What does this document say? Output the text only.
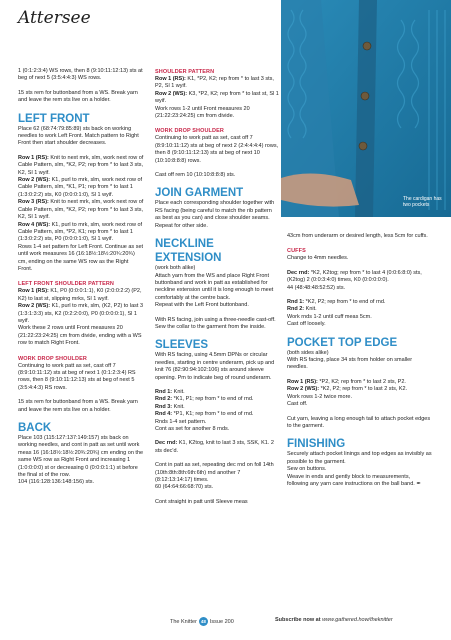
Attersee
The cardigan has two pockets

1 (0:1:2:3:4) WS rows, then 8 (9:10:11:12:13) sts at beg of next 5 (3:5:4:4:3) WS rows.

15 sts rem for buttonband from a WS. Break yarn and leave the rem sts live on a holder.

LEFT FRONT

Place 62 (68:74:79:85:89) sts back on working needles to work Left Front. Match pattern to Right Front then start shoulder decreases.

Row 1 (RS): Knit to next mrk, slm, work next row of Cable Pattern, slm, *K2, P2; rep from * to last 3 sts, K2, Sl 1 wyif.

Row 2 (WS): K1, purl to mrk, slm, work next row of Cable Pattern, slm, *K1, P1; rep from * to last 1 (1:3:0:2:2) sts, K0 (0:0:0:1:0), Sl 1 wyif.

Row 3 (RS): Knit to next mrk, slm, work next row of Cable Pattern, slm, *K2, P2; rep from * to last 3 sts, K2, Sl 1 wyif.

Row 4 (WS): K1, purl to mrk, slm, work next row of Cable Pattern, slm, *P2, K1; rep from * to last 1 (1:3:0:2:2) sts, P0 (0:0:0:1:0), Sl 1 wyif.

Rows 1-4 set pattern for Left Front. Continue as set until work measures 16 (16:18½:18½:20¾:20¾) cm, ending on the same WS row as the Right Front.

LEFT FRONT SHOULDER PATTERN

Row 1 (RS): K1, P0 (0:0:0:1:1), K0 (2:0:0:2:2) (P2, K2) to last st, slipping mrks, Sl 1 wyif.

Row 2 (WS): K1, purl to mrk, slm, (K2, P2) to last 3 (1:3:1:3:3) sts, K2 (0:2:2:0:0), P0 (0:0:0:0:1), Sl 1 wyif.

Work these 2 rows until Front measures 20 (21:22:23:24:25) cm from divide, ending with a WS row to match Right Front.

WORK DROP SHOULDER

Continuing to work patt as set, cast off 7 (8:9:10:11:12) sts at beg of next 1 (0:1:2:3:4) RS rows, then 8 (9:10:11:12:13) sts at beg of next 5 (3:5:4:4:3) RS rows.

15 sts rem for buttonband from a WS. Break yarn and leave the rem sts live on a holder.

BACK

Place 103 (115:127:137:149:157) sts back on working needles, and cont in patt as set until work meas 16 (16:18½:18½:20¾:20¾) cm ending on the same WS row as Right Front and increasing 1 (1:0:0:0:0) st or decreasing 0 (0:0:0:1:1) st before the final st of the row.

104 (116:128:136:148:156) sts.

SHOULDER PATTERN

Row 1 (RS): K1, *P2, K2; rep from * to last 3 sts, P2, Sl 1 wyif.

Row 2 (WS): K3, *P2, K2; rep from * to last st, Sl 1 wyif.

Work rows 1-2 until Front measures 20 (21:22:23:24:25) cm from divide.

WORK DROP SHOULDER

Continuing to work patt as set, cast off 7 (8:9:10:11:12) sts at beg of next 2 (2:4:4:4:4) rows, then 8 (9:10:11:12:13) sts at beg of next 10 (10:10:8:8:8) rows.

Cast off rem 10 (10:10:8:8:8) sts.

JOIN GARMENT

Place each corresponding shoulder together with RS facing (being careful to match the rib pattern as best as you can) and close shoulder seams. Repeat for other side.

NECKLINE EXTENSION

(work both alike)

Attach yarn from the WS and place Right Front buttonband and work in patt as established for neckline extension until it is long enough to meet comfortably at the centre back.

Repeat with the Left Front buttonband.

With RS facing, join using a three-needle cast-off.

Sew the collar to the garment from the inside.

SLEEVES

With RS facing, using 4.5mm DPNs or circular needles, starting in centre underarm, pick up and knit 76 (82:90:94:102:106) sts around sleeve opening. Pm to indicate beg of round underarm.

Rnd 1: Knit.

Rnd 2: *K1, P1; rep from * to end of rnd.

Rnd 3: Knit.

Rnd 4: *P1, K1; rep from * to end of rnd.

Rnds 1-4 set pattern.

Cont as set for another 8 rnds.

Dec rnd: K1, K2tog, knit to last 3 sts, SSK, K1. 2 sts dec'd.

Cont in patt as set, repeating dec rnd on foll 14th (10th:8th:8th:6th:6th) rnd another 7 (8:12:13:14:17) times.

60 (64:64:66:68:70) sts.

Cont straight in patt until Sleeve meas

43cm from underarm or desired length, less 5cm for cuffs.

CUFFS

Change to 4mm needles.

Dec rnd: *K2, K2tog; rep from * to last 4 (0:0:6:8:0) sts, (K2tog) 2 (0:0:3:4:0) times, K0 (0:0:0:0:0).

44 (48:48:48:52:52) sts.

Rnd 1: *K2, P2; rep from * to end of rnd.

Rnd 2: Knit.

Work rnds 1-2 until cuff meas 5cm.

Cast off loosely.

POCKET TOP EDGE

(both sides alike)

With RS facing, place 34 sts from holder on smaller needles.

Row 1 (RS): *P2, K2; rep from * to last 2 sts, P2.

Row 2 (WS): *K2, P2; rep from * to last 2 sts, K2.

Work rows 1-2 twice more.

Cast off.

Cut yarn, leaving a long enough tail to attach pocket edges to the garment.

FINISHING

Securely attach pocket linings and top edges as invisibly as possible to the garment.

Sew on buttons.

Weave in ends and gently block to measurements, following any yarn care instructions on the ball band. ✒

The Knitter 48 Issue 200	Subscribe now at www.gathered.how/theknitter
